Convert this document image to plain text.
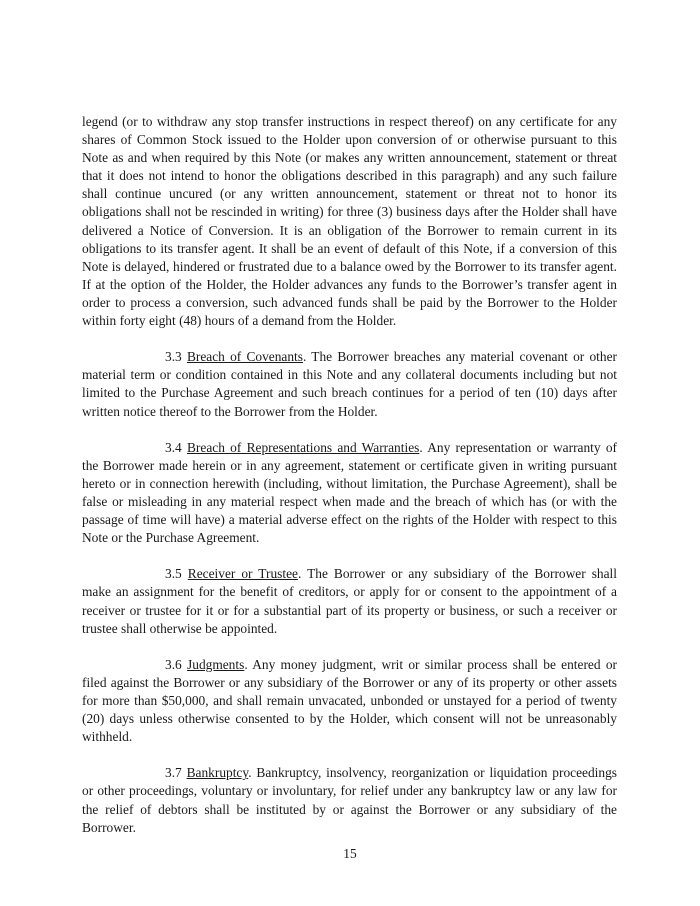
legend (or to withdraw any stop transfer instructions in respect thereof) on any certificate for any shares of Common Stock issued to the Holder upon conversion of or otherwise pursuant to this Note as and when required by this Note (or makes any written announcement, statement or threat that it does not intend to honor the obligations described in this paragraph) and any such failure shall continue uncured (or any written announcement, statement or threat not to honor its obligations shall not be rescinded in writing) for three (3) business days after the Holder shall have delivered a Notice of Conversion. It is an obligation of the Borrower to remain current in its obligations to its transfer agent. It shall be an event of default of this Note, if a conversion of this Note is delayed, hindered or frustrated due to a balance owed by the Borrower to its transfer agent. If at the option of the Holder, the Holder advances any funds to the Borrower’s transfer agent in order to process a conversion, such advanced funds shall be paid by the Borrower to the Holder within forty eight (48) hours of a demand from the Holder.

3.3 Breach of Covenants. The Borrower breaches any material covenant or other material term or condition contained in this Note and any collateral documents including but not limited to the Purchase Agreement and such breach continues for a period of ten (10) days after written notice thereof to the Borrower from the Holder.

3.4 Breach of Representations and Warranties. Any representation or warranty of the Borrower made herein or in any agreement, statement or certificate given in writing pursuant hereto or in connection herewith (including, without limitation, the Purchase Agreement), shall be false or misleading in any material respect when made and the breach of which has (or with the passage of time will have) a material adverse effect on the rights of the Holder with respect to this Note or the Purchase Agreement.

3.5 Receiver or Trustee. The Borrower or any subsidiary of the Borrower shall make an assignment for the benefit of creditors, or apply for or consent to the appointment of a receiver or trustee for it or for a substantial part of its property or business, or such a receiver or trustee shall otherwise be appointed.

3.6 Judgments. Any money judgment, writ or similar process shall be entered or filed against the Borrower or any subsidiary of the Borrower or any of its property or other assets for more than $50,000, and shall remain unvacated, unbonded or unstayed for a period of twenty (20) days unless otherwise consented to by the Holder, which consent will not be unreasonably withheld.

3.7 Bankruptcy. Bankruptcy, insolvency, reorganization or liquidation proceedings or other proceedings, voluntary or involuntary, for relief under any bankruptcy law or any law for the relief of debtors shall be instituted by or against the Borrower or any subsidiary of the Borrower.

15
